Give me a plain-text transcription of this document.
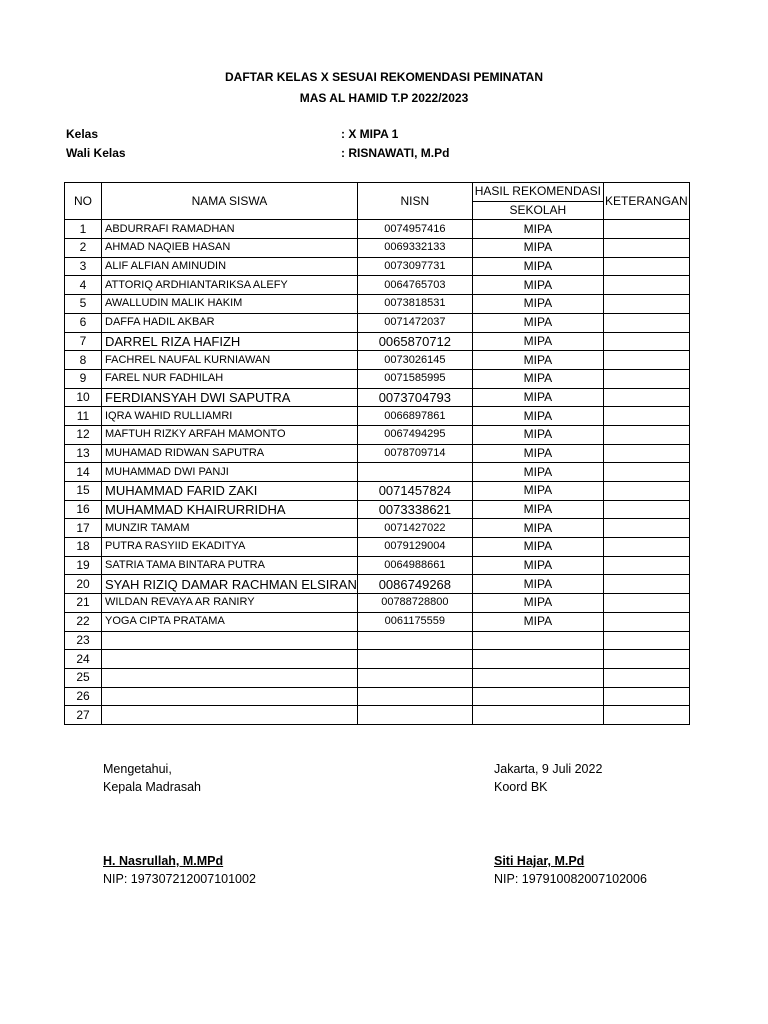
DAFTAR KELAS X SESUAI REKOMENDASI PEMINATAN
MAS AL HAMID T.P 2022/2023
Kelas	: X MIPA 1
Wali Kelas	: RISNAWATI, M.Pd
NO	NAMA SISWA	NISN	HASIL REKOMENDASI	KETERANGAN
			SEKOLAH	
1	ABDURRAFI RAMADHAN	0074957416	MIPA	
2	AHMAD NAQIEB HASAN	0069332133	MIPA	
3	ALIF ALFIAN AMINUDIN	0073097731	MIPA	
4	ATTORIQ ARDHIANTARIKSA ALEFY	0064765703	MIPA	
5	AWALLUDIN MALIK HAKIM	0073818531	MIPA	
6	DAFFA HADIL AKBAR	0071472037	MIPA	
7	DARREL RIZA HAFIZH	0065870712	MIPA	
8	FACHREL NAUFAL KURNIAWAN	0073026145	MIPA	
9	FAREL NUR FADHILAH	0071585995	MIPA	
10	FERDIANSYAH DWI SAPUTRA	0073704793	MIPA	
11	IQRA WAHID RULLIAMRI	0066897861	MIPA	
12	MAFTUH RIZKY ARFAH MAMONTO	0067494295	MIPA	
13	MUHAMAD RIDWAN SAPUTRA	0078709714	MIPA	
14	MUHAMMAD DWI PANJI		MIPA	
15	MUHAMMAD FARID ZAKI	0071457824	MIPA	
16	MUHAMMAD KHAIRURRIDHA	0073338621	MIPA	
17	MUNZIR TAMAM	0071427022	MIPA	
18	PUTRA RASYIID EKADITYA	0079129004	MIPA	
19	SATRIA TAMA BINTARA PUTRA	0064988661	MIPA	
20	SYAH RIZIQ DAMAR RACHMAN ELSIRAN	0086749268	MIPA	
21	WILDAN REVAYA AR RANIRY	00788728800	MIPA	
22	YOGA CIPTA PRATAMA	0061175559	MIPA	
23				
24				
25				
26				
27				
Mengetahui,
Kepala Madrasah
H. Nasrullah, M.MPd
NIP: 197307212007101002
Jakarta, 9 Juli 2022
Koord BK
Siti Hajar, M.Pd
NIP: 197910082007102006
